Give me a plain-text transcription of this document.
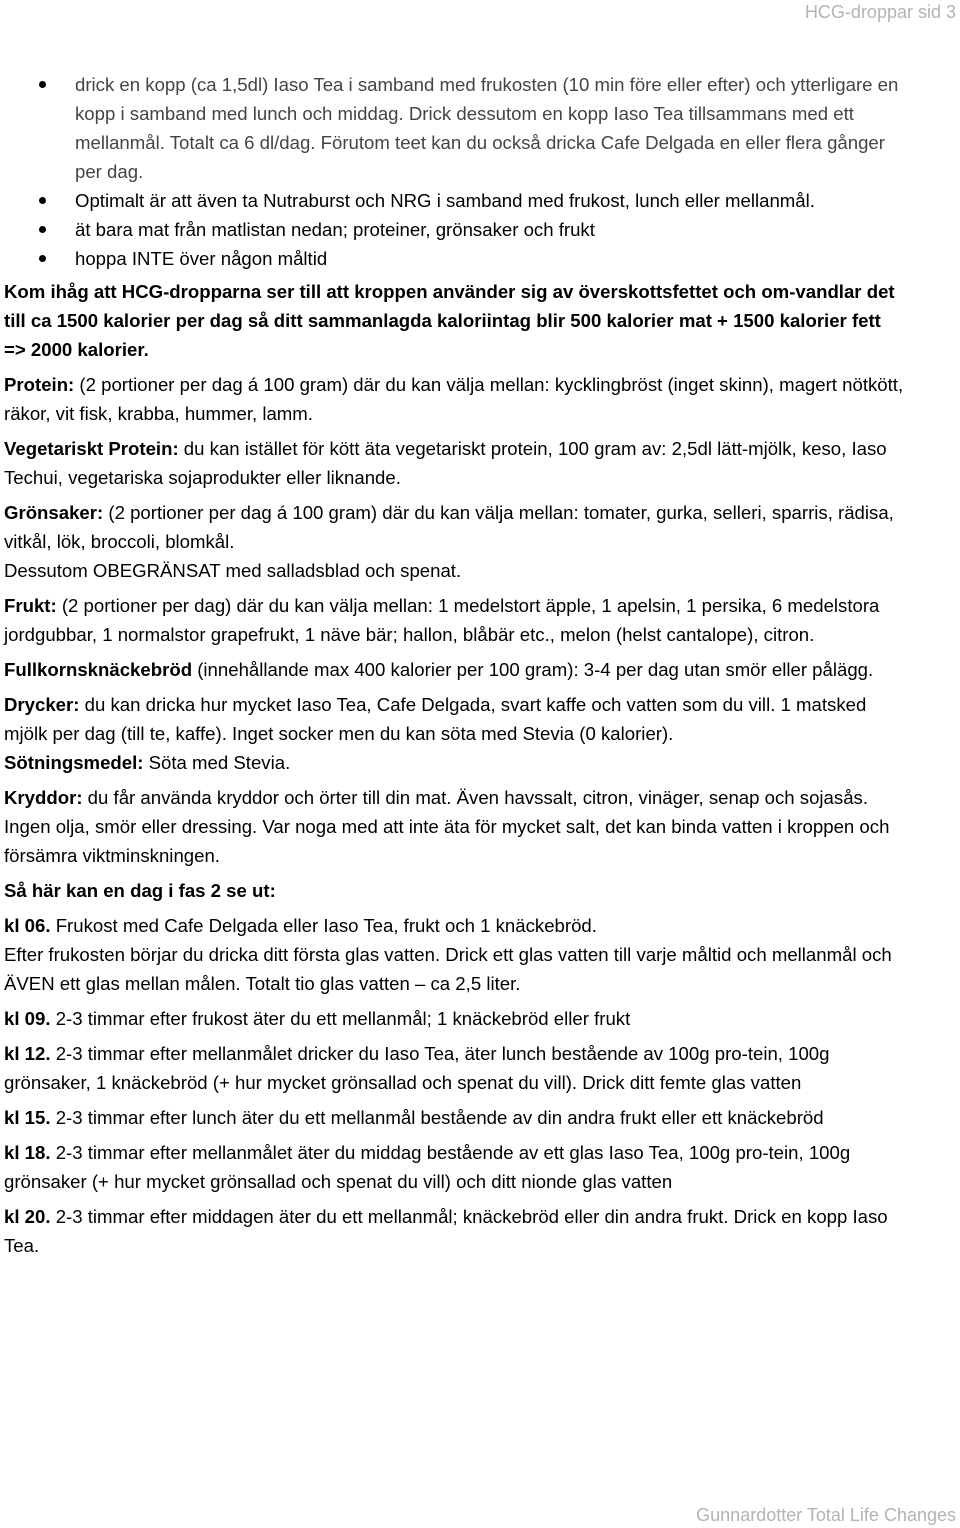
HCG-droppar sid 3
drick en kopp (ca 1,5dl) Iaso Tea i samband med frukosten (10 min före eller efter) och ytterligare en kopp i samband med lunch och middag. Drick dessutom en kopp Iaso Tea tillsammans med ett mellanmål. Totalt ca 6 dl/dag. Förutom teet kan du också dricka Cafe Delgada en eller flera gånger per dag.
Optimalt är att även ta Nutraburst och NRG i samband med frukost, lunch eller mellanmål.
ät bara mat från matlistan nedan; proteiner, grönsaker och frukt
hoppa INTE över någon måltid

Kom ihåg att HCG-dropparna ser till att kroppen använder sig av överskottsfettet och om-vandlar det till ca 1500 kalorier per dag så ditt sammanlagda kaloriintag blir 500 kalorier mat + 1500 kalorier fett => 2000 kalorier.

Protein: (2 portioner per dag á 100 gram) där du kan välja mellan: kycklingbröst (inget skinn), magert nötkött, räkor, vit fisk, krabba, hummer, lamm.

Vegetariskt Protein: du kan istället för kött äta vegetariskt protein, 100 gram av: 2,5dl lätt-mjölk, keso, Iaso Techui, vegetariska sojaprodukter eller liknande.

Grönsaker: (2 portioner per dag á 100 gram) där du kan välja mellan: tomater, gurka, selleri, sparris, rädisa, vitkål, lök, broccoli, blomkål.

Dessutom OBEGRÄNSAT med salladsblad och spenat.

Frukt: (2 portioner per dag) där du kan välja mellan: 1 medelstort äpple, 1 apelsin, 1 persika, 6 medelstora jordgubbar, 1 normalstor grapefrukt, 1 näve bär; hallon, blåbär etc., melon (helst cantalope), citron.

Fullkornsknäckebröd (innehållande max 400 kalorier per 100 gram): 3-4 per dag utan smör eller pålägg.

Drycker: du kan dricka hur mycket Iaso Tea, Cafe Delgada, svart kaffe och vatten som du vill. 1 matsked mjölk per dag (till te, kaffe). Inget socker men du kan söta med Stevia (0 kalorier).

Sötningsmedel: Söta med Stevia.

Kryddor: du får använda kryddor och örter till din mat. Även havssalt, citron, vinäger, senap och sojasås. Ingen olja, smör eller dressing. Var noga med att inte äta för mycket salt, det kan binda vatten i kroppen och försämra viktminskningen.

Så här kan en dag i fas 2 se ut:

kl 06. Frukost med Cafe Delgada eller Iaso Tea, frukt och 1 knäckebröd.

Efter frukosten börjar du dricka ditt första glas vatten. Drick ett glas vatten till varje måltid och mellanmål och ÄVEN ett glas mellan målen. Totalt tio glas vatten – ca 2,5 liter.

kl 09. 2-3 timmar efter frukost äter du ett mellanmål; 1 knäckebröd eller frukt

kl 12. 2-3 timmar efter mellanmålet dricker du Iaso Tea, äter lunch bestående av 100g pro-tein, 100g grönsaker, 1 knäckebröd (+ hur mycket grönsallad och spenat du vill). Drick ditt femte glas vatten

kl 15. 2-3 timmar efter lunch äter du ett mellanmål bestående av din andra frukt eller ett knäckebröd

kl 18. 2-3 timmar efter mellanmålet äter du middag bestående av ett glas Iaso Tea, 100g pro-tein, 100g grönsaker (+ hur mycket grönsallad och spenat du vill) och ditt nionde glas vatten

kl 20. 2-3 timmar efter middagen äter du ett mellanmål; knäckebröd eller din andra frukt. Drick en kopp Iaso Tea.

Gunnardotter Total Life Changes
